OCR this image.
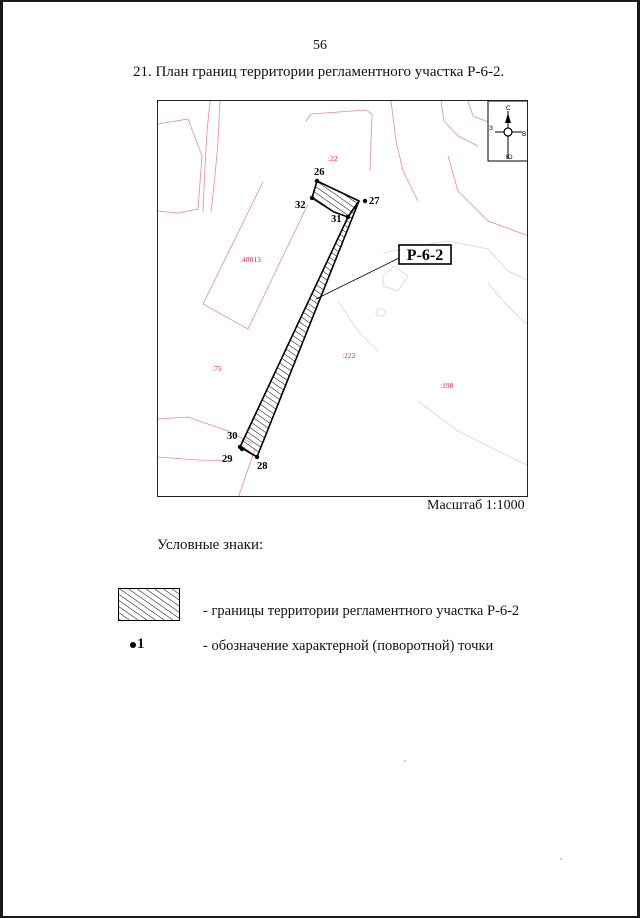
56
21. План границ территории регламентного участка Р-6-2.
:22
:48013
:75
:222
:198
Р-6-2
26
27
32
31
30
29
28
С
З
В
Ю
Масштаб 1:1000
Условные знаки:
- границы территории регламентного участка Р-6-2
1	- обозначение характерной (поворотной) точки
